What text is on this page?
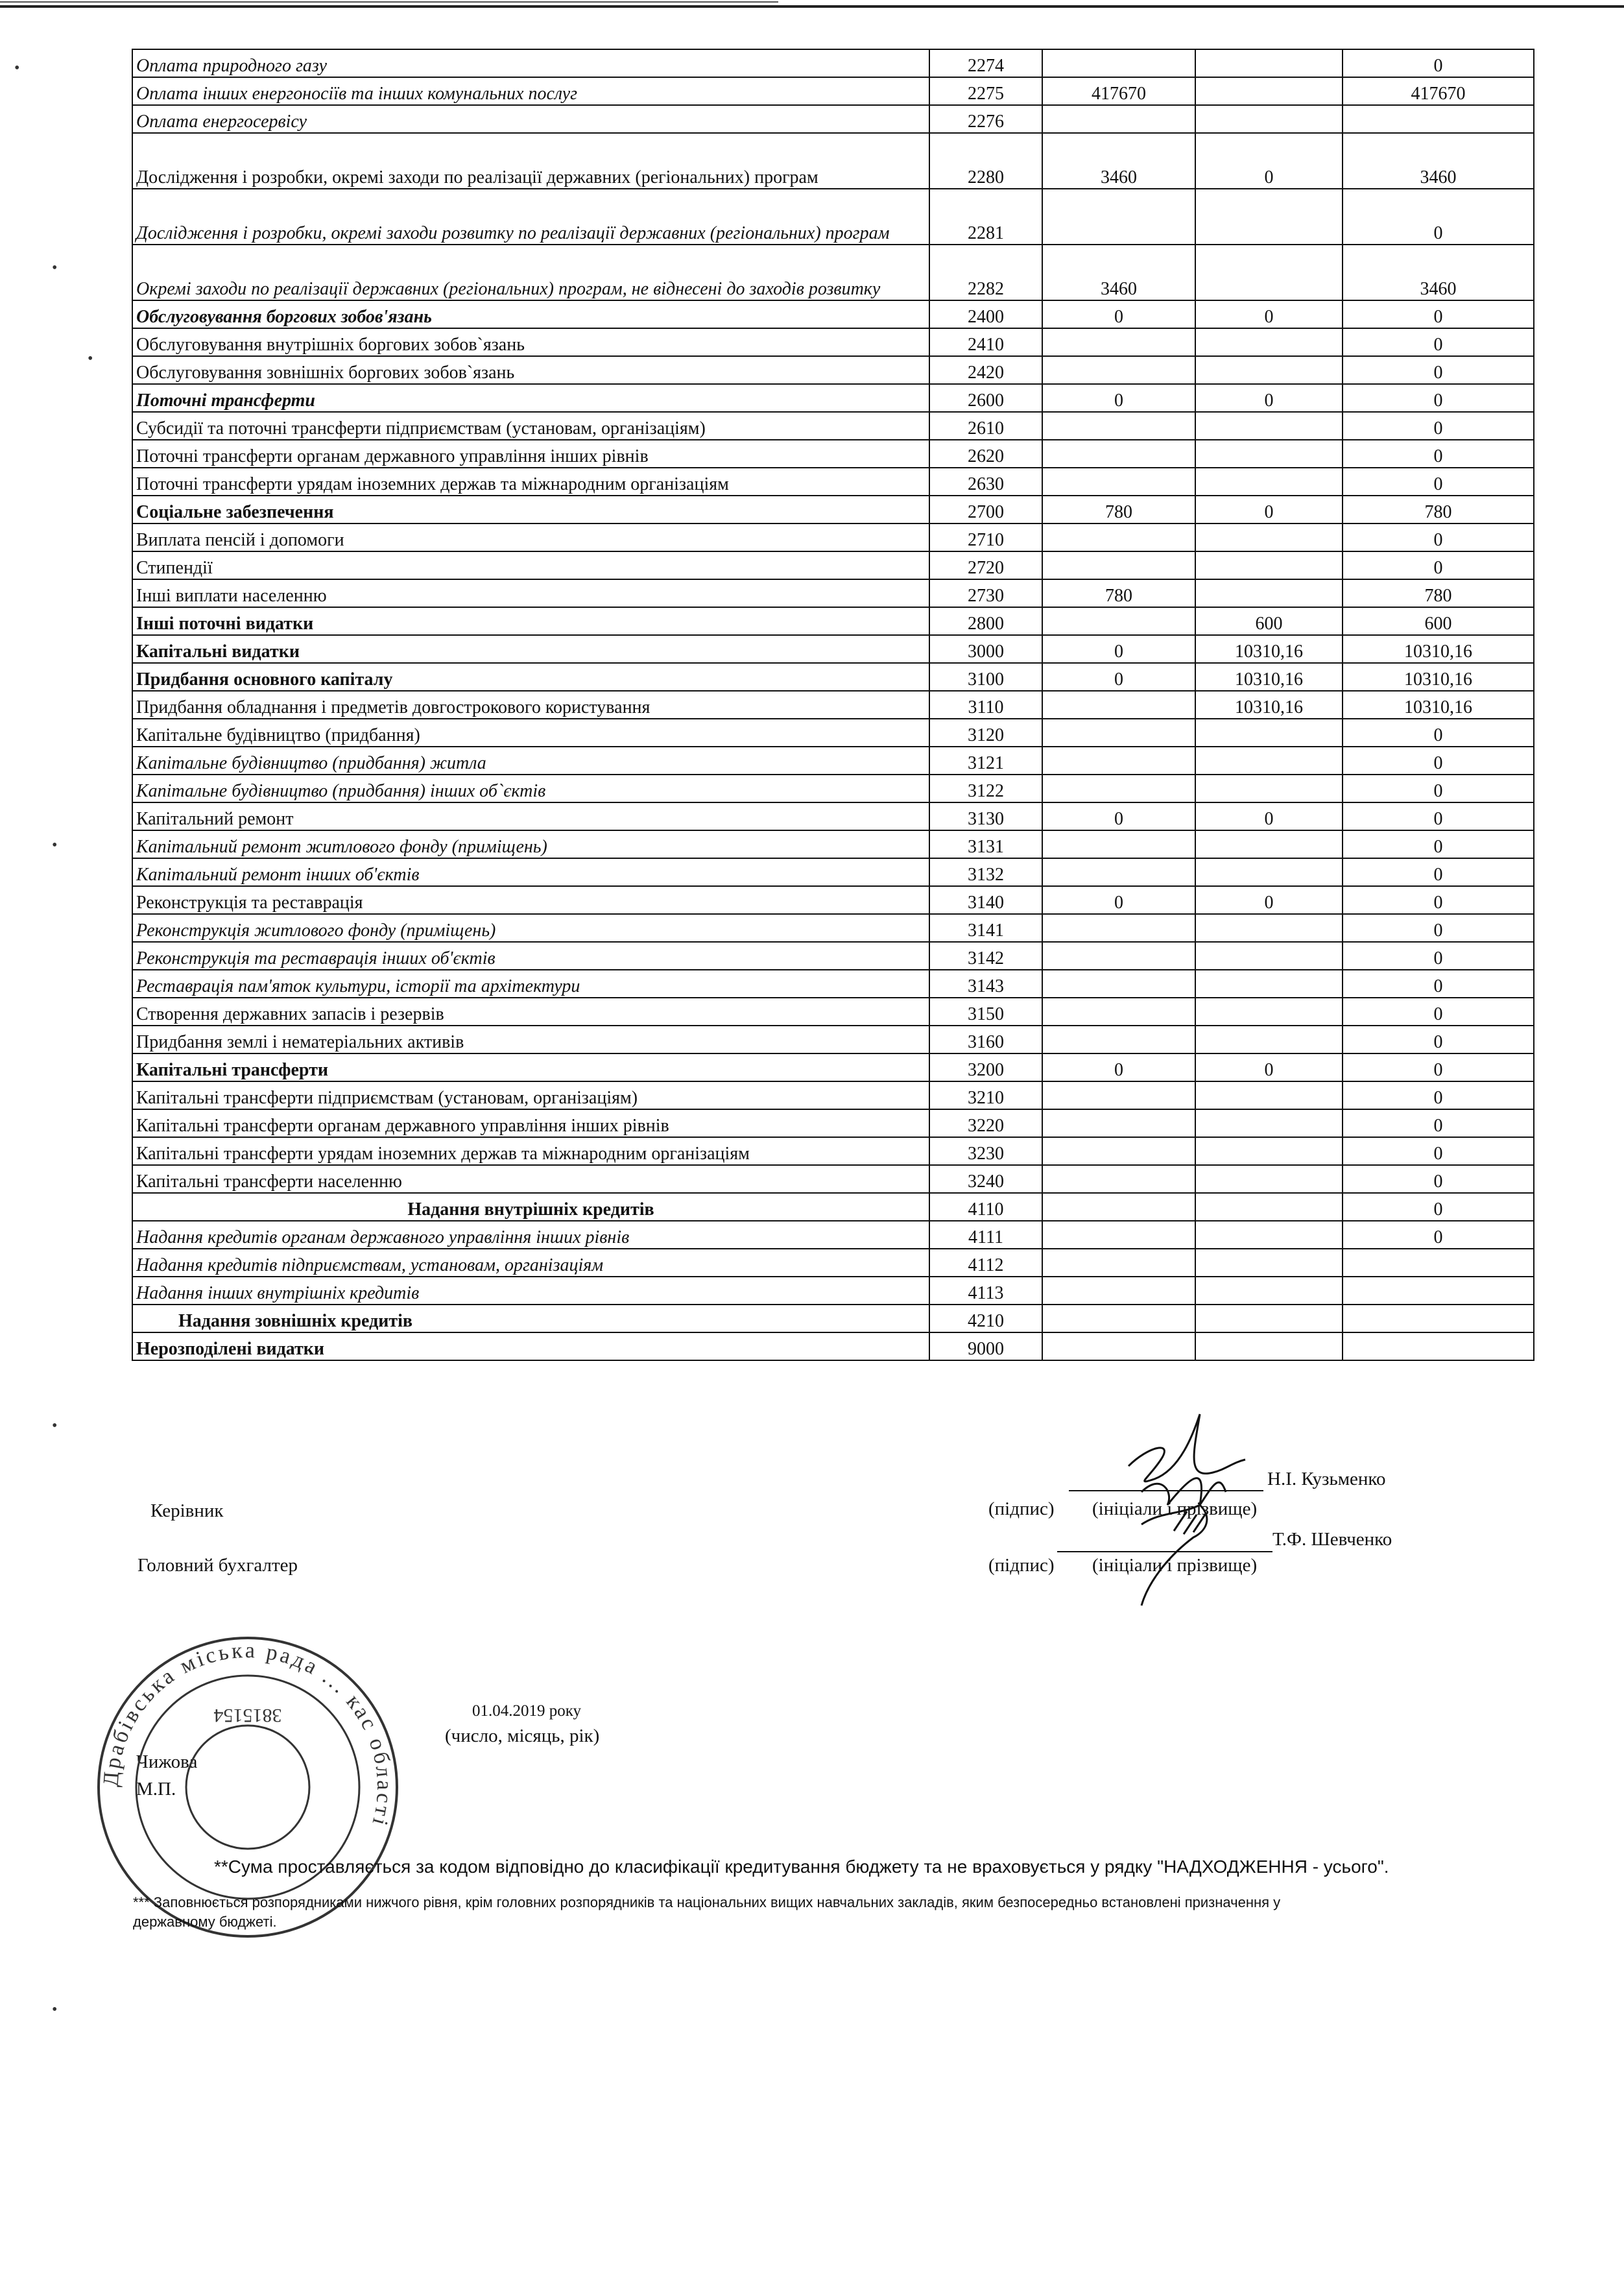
•
•
•
•
•
•
Оплата природного газу	2274			0
Оплата інших енергоносіїв та інших комунальних послуг	2275	417670		417670
Оплата енергосервісу	2276			
Дослідження і розробки, окремі заходи по реалізації державних (регіональних) програм	2280	3460	0	3460
Дослідження і розробки, окремі заходи розвитку по реалізації державних (регіональних) програм	2281			0
Окремі заходи по реалізації державних (регіональних) програм, не віднесені до заходів розвитку	2282	3460		3460
Обслуговування боргових зобов'язань	2400	0	0	0
Обслуговування внутрішніх боргових зобов`язань	2410			0
Обслуговування зовнішніх боргових зобов`язань	2420			0
Поточні трансферти	2600	0	0	0
Субсидії та поточні трансферти підприємствам (установам, організаціям)	2610			0
Поточні трансферти органам державного управління інших рівнів	2620			0
Поточні трансферти урядам іноземних держав та міжнародним організаціям	2630			0
Соціальне забезпечення	2700	780	0	780
Виплата пенсій і допомоги	2710			0
Стипендії	2720			0
Інші виплати населенню	2730	780		780
Інші поточні видатки	2800		600	600
Капітальні видатки	3000	0	10310,16	10310,16
Придбання основного капіталу	3100	0	10310,16	10310,16
Придбання обладнання і предметів довгострокового користування	3110		10310,16	10310,16
Капітальне будівництво (придбання)	3120			0
Капітальне будівництво (придбання) житла	3121			0
Капітальне будівництво (придбання) інших об`єктів	3122			0
Капітальний ремонт	3130	0	0	0
Капітальний ремонт житлового фонду (приміщень)	3131			0
Капітальний ремонт інших об'єктів	3132			0
Реконструкція та реставрація	3140	0	0	0
Реконструкція житлового фонду (приміщень)	3141			0
Реконструкція та реставрація інших об'єктів	3142			0
Реставрація пам'яток культури, історії та архітектури	3143			0
Створення державних запасів і резервів	3150			0
Придбання землі і нематеріальних активів	3160			0
Капітальні трансферти	3200	0	0	0
Капітальні трансферти підприємствам (установам, організаціям)	3210			0
Капітальні трансферти органам державного управління інших рівнів	3220			0
Капітальні трансферти урядам іноземних держав та міжнародним організаціям	3230			0
Капітальні трансферти населенню	3240			0
Надання внутрішніх кредитів	4110			0
Надання кредитів органам державного управління інших рівнів	4111			0
Надання кредитів підприємствам, установам, організаціям	4112			
Надання інших внутрішніх кредитів	4113			
Надання зовнішніх кредитів	4210			
Нерозподілені видатки	9000			
Н.І. Кузьменко
Керівник	(підпис) (ініціали і прізвище)
Т.Ф. Шевченко
Головний бухгалтер	(підпис) (ініціали і прізвище)
01.04.2019 року
(число, місяць, рік)
Чижова
М.П.
Драбівська міська рада ... кас області
3815154
**Сума проставляється за кодом відповідно до класифікації кредитування бюджету та не враховується у рядку "НАДХОДЖЕННЯ - усього".
*** Заповнюється розпорядниками нижчого рівня, крім головних розпорядників та національних вищих навчальних закладів, яким безпосередньо встановлені призначення у
державному бюджеті.
